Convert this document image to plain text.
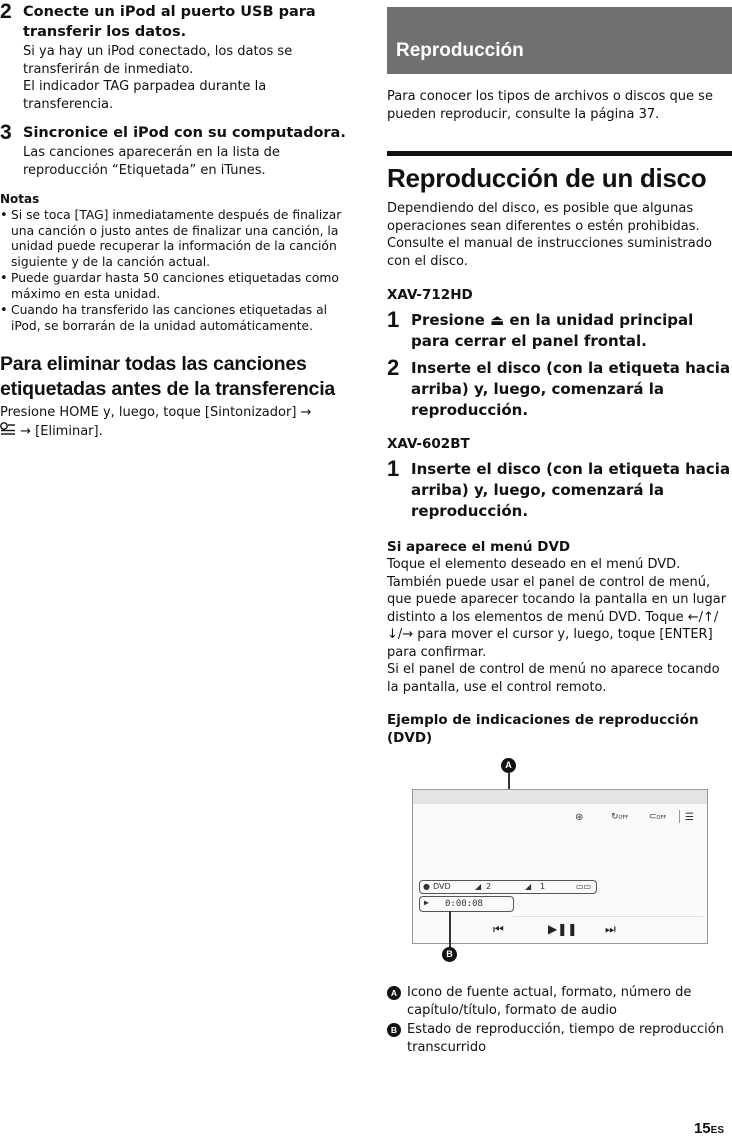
2 Conecte un iPod al puerto USB para transferir los datos.
Si ya hay un iPod conectado, los datos se transferirán de inmediato.
El indicador TAG parpadea durante la transferencia.
3 Sincronice el iPod con su computadora.
Las canciones aparecerán en la lista de reproducción “Etiquetada” en iTunes.
Notas
• Si se toca [TAG] inmediatamente después de finalizar una canción o justo antes de finalizar una canción, la unidad puede recuperar la información de la canción siguiente y de la canción actual.
• Puede guardar hasta 50 canciones etiquetadas como máximo en esta unidad.
• Cuando ha transferido las canciones etiquetadas al iPod, se borrarán de la unidad automáticamente.
Para eliminar todas las canciones etiquetadas antes de la transferencia
Presione HOME y, luego, toque [Sintonizador] →
→ [Eliminar].
Reproducción
Para conocer los tipos de archivos o discos que se pueden reproducir, consulte la página 37.
Reproducción de un disco
Dependiendo del disco, es posible que algunas operaciones sean diferentes o estén prohibidas. Consulte el manual de instrucciones suministrado con el disco.
XAV-712HD
1 Presione ⏏ en la unidad principal para cerrar el panel frontal.
2 Inserte el disco (con la etiqueta hacia arriba) y, luego, comenzará la reproducción.
XAV-602BT
1 Inserte el disco (con la etiqueta hacia arriba) y, luego, comenzará la reproducción.
Si aparece el menú DVD
Toque el elemento deseado en el menú DVD. También puede usar el panel de control de menú, que puede aparecer tocando la pantalla en un lugar distinto a los elementos de menú DVD. Toque ←/↑/↓/→ para mover el cursor y, luego, toque [ENTER] para confirmar.
Si el panel de control de menú no aparece tocando la pantalla, use el control remoto.
Ejemplo de indicaciones de reproducción (DVD)
A
⊛	↻OFF ⊂OFF ☰
● DVD	◢ 2	◢ 1	▭▭
▶ 0:00:08
⏮	▶❚❚ ⏭
B
A Icono de fuente actual, formato, número de capítulo/título, formato de audio
B Estado de reproducción, tiempo de reproducción transcurrido
15ES
